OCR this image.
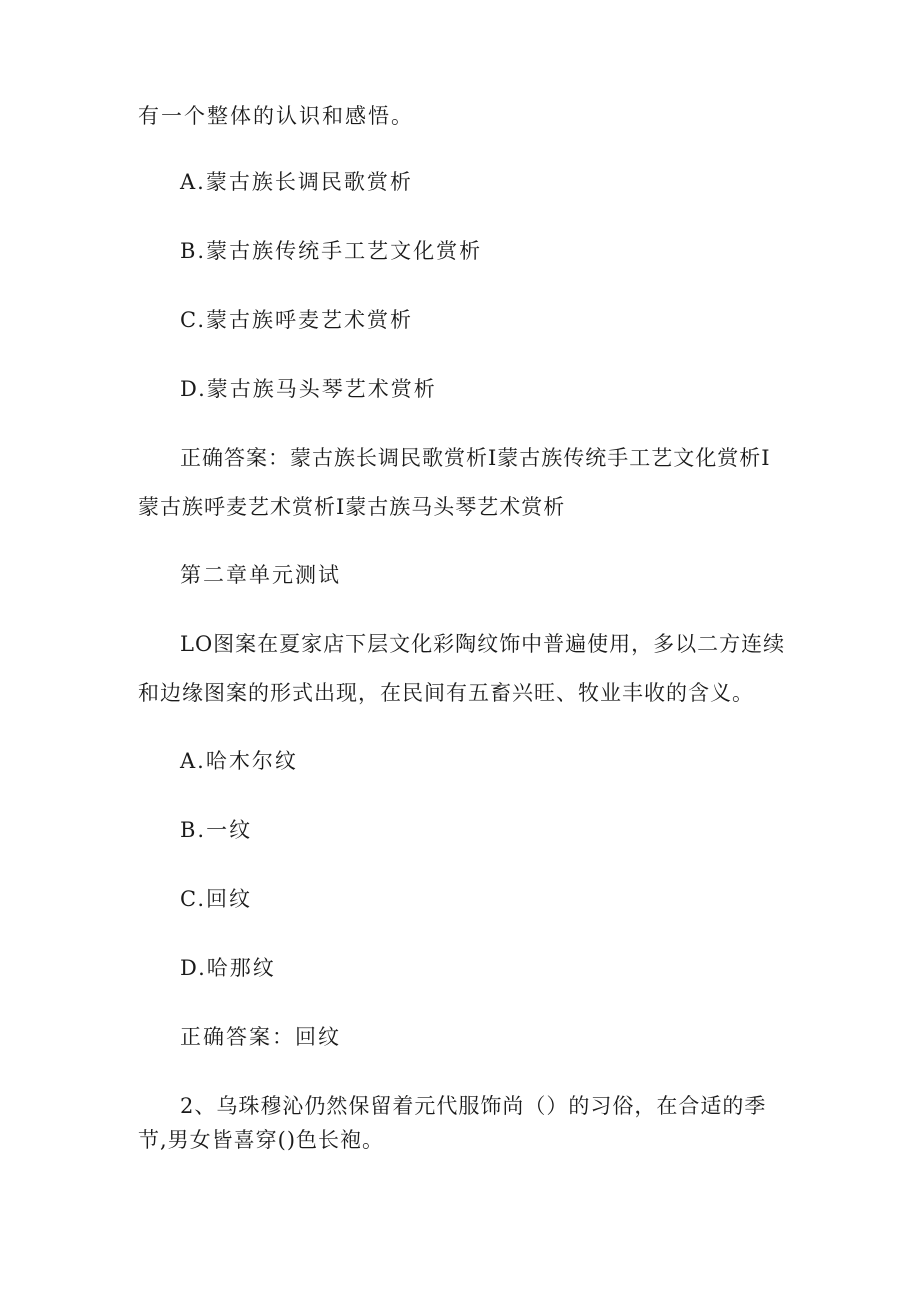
有一个整体的认识和感悟。

A.蒙古族长调民歌赏析

B.蒙古族传统手工艺文化赏析

C.蒙古族呼麦艺术赏析

D.蒙古族马头琴艺术赏析

正确答案：蒙古族长调民歌赏析I蒙古族传统手工艺文化赏析I

蒙古族呼麦艺术赏析I蒙古族马头琴艺术赏析

第二章单元测试

LO图案在夏家店下层文化彩陶纹饰中普遍使用，多以二方连续

和边缘图案的形式出现，在民间有五畜兴旺、牧业丰收的含义。

A.哈木尔纹

B.一纹

C.回纹

D.哈那纹

正确答案：回纹

2、乌珠穆沁仍然保留着元代服饰尚（）的习俗，在合适的季

节,男女皆喜穿()色长袍。
